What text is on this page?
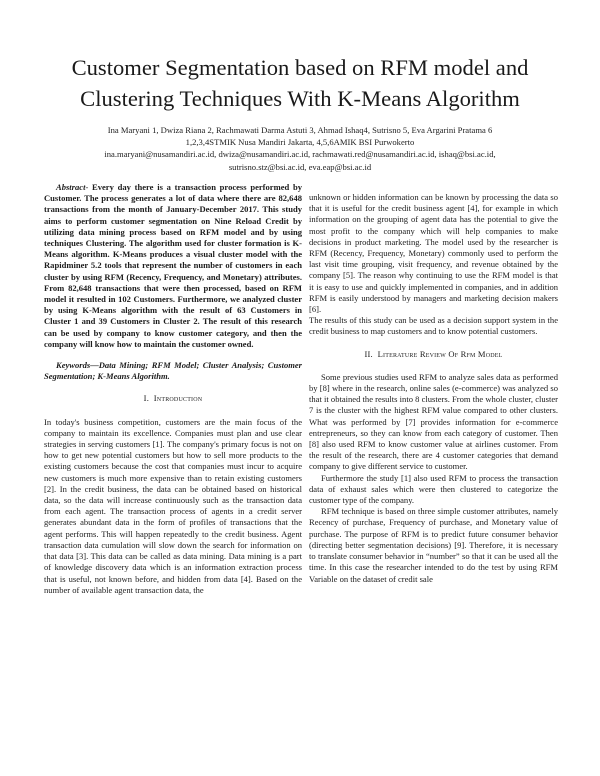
Customer Segmentation based on RFM model and Clustering Techniques With K-Means Algorithm
Ina Maryani 1, Dwiza Riana 2, Rachmawati Darma Astuti 3, Ahmad Ishaq4, Sutrisno 5, Eva Argarini Pratama 6
1,2,3,4STMIK Nusa Mandiri Jakarta, 4,5,6AMIK BSI Purwokerto
ina.maryani@nusamandiri.ac.id, dwiza@nusamandiri.ac.id, rachmawati.red@nusamandiri.ac.id, ishaq@bsi.ac.id,
sutrisno.stz@bsi.ac.id, eva.eap@bsi.ac.id

Abstract- Every day there is a transaction process performed by Customer. The process generates a lot of data where there are 82,648 transactions from the month of January-December 2017. This study aims to perform customer segmentation on Nine Reload Credit by utilizing data mining process based on RFM model and by using techniques Clustering. The algorithm used for cluster formation is K-Means algorithm. K-Means produces a visual cluster model with the Rapidminer 5.2 tools that represent the number of customers in each cluster by using RFM (Recency, Frequency, and Monetary) attributes. From 82,648 transactions that were then processed, based on RFM model it resulted in 102 Customers. Furthermore, we analyzed cluster by using K-Means algorithm with the result of 63 Customers in Cluster 1 and 39 Customers in Cluster 2. The result of this research can be used by company to know customer category, and then the company will know how to maintain the customer owned.

Keywords—Data Mining; RFM Model; Cluster Analysis; Customer Segmentation; K-Means Algorithm.

I. Introduction

In today's business competition, customers are the main focus of the company to maintain its excellence. Companies must plan and use clear strategies in serving customers [1]. The company's primary focus is not on how to get new potential customers but how to sell more products to the existing customers because the cost that companies must incur to acquire new customers is much more expensive than to retain existing customers [2]. In the credit business, the data can be obtained based on historical data, so the data will increase continuously such as the transaction data from each agent. The transaction process of agents in a credit server generates abundant data in the form of profiles of transactions that the agent performs. This will happen repeatedly to the credit business. Agent transaction data cumulation will slow down the search for information on that data [3]. This data can be called as data mining. Data mining is a part of knowledge discovery data which is an information extraction process that is useful, not known before, and hidden from data [4]. Based on the number of available agent transaction data, the

unknown or hidden information can be known by processing the data so that it is useful for the credit business agent [4], for example in which information on the grouping of agent data has the potential to give the most profit to the company which will help companies to make decisions in product marketing. The model used by the researcher is RFM (Recency, Frequency, Monetary) commonly used to perform the last visit time grouping, visit frequency, and revenue obtained by the company [5]. The reason why continuing to use the RFM model is that it is easy to use and quickly implemented in companies, and in addition RFM is easily understood by managers and marketing decision makers [6].

The results of this study can be used as a decision support system in the credit business to map customers and to know potential customers.

II. Literature Review Of Rfm Model

Some previous studies used RFM to analyze sales data as performed by [8] where in the research, online sales (e-commerce) was analyzed so that it obtained the results into 8 clusters. From the whole cluster, cluster 7 is the cluster with the highest RFM value compared to other clusters. What was performed by [7] provides information for e-commerce entrepreneurs, so they can know from each category of customer. Then [8] also used RFM to know customer value at airlines customer. From the result of the research, there are 4 customer categories that demand company to give different service to customer.

Furthermore the study [1] also used RFM to process the transaction data of exhaust sales which were then clustered to categorize the customer type of the company.

RFM technique is based on three simple customer attributes, namely Recency of purchase, Frequency of purchase, and Monetary value of purchase. The purpose of RFM is to predict future consumer behavior (directing better segmentation decisions) [9]. Therefore, it is necessary to translate consumer behavior in “number” so that it can be used all the time. In this case the researcher intended to do the test by using RFM Variable on the dataset of credit sale
